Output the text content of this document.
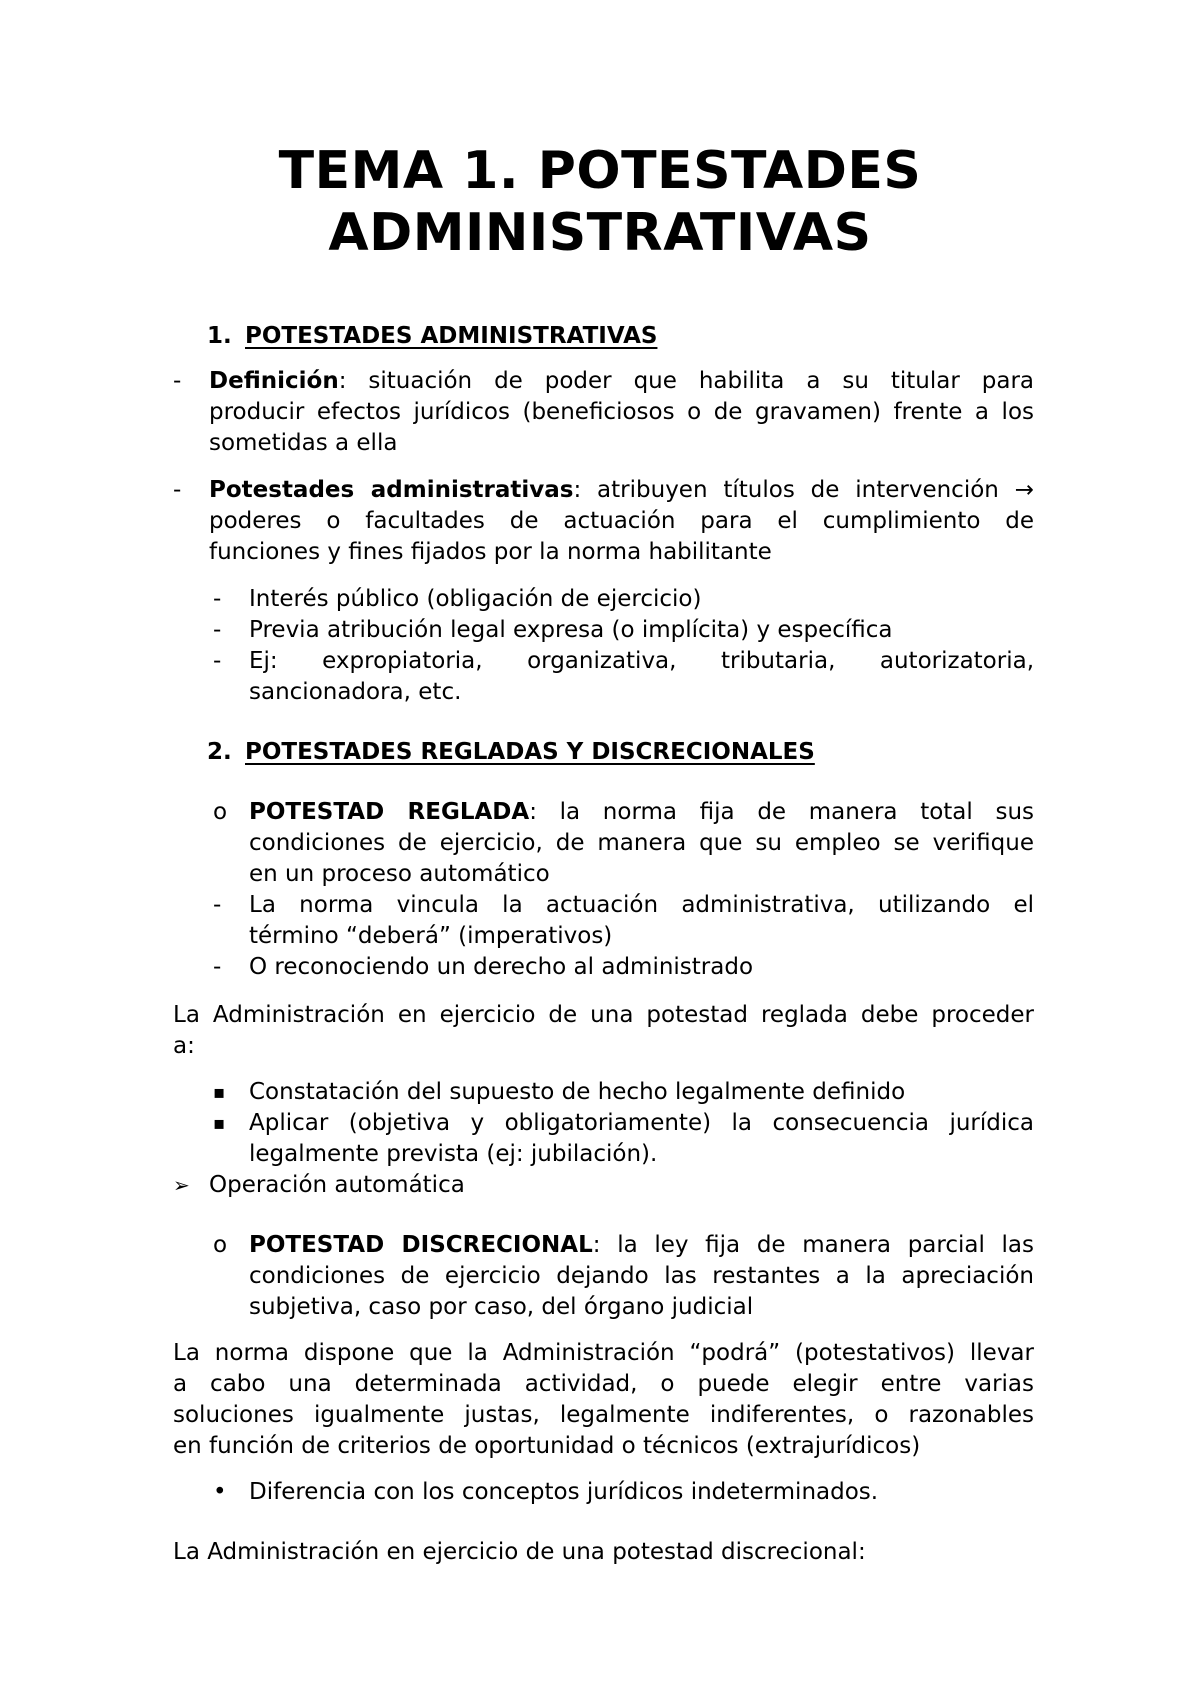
TEMA 1. POTESTADES
ADMINISTRATIVAS
1. POTESTADES ADMINISTRATIVAS
- Definición: situación de poder que habilita a su titular para
producir efectos jurídicos (beneficiosos o de gravamen) frente a los
sometidas a ella
- Potestades administrativas: atribuyen títulos de intervención →
poderes o facultades de actuación para el cumplimiento de
funciones y fines fijados por la norma habilitante
- Interés público (obligación de ejercicio)
- Previa atribución legal expresa (o implícita) y específica
- Ej: expropiatoria, organizativa, tributaria, autorizatoria,
sancionadora, etc.
2. POTESTADES REGLADAS Y DISCRECIONALES
o POTESTAD REGLADA: la norma fija de manera total sus
condiciones de ejercicio, de manera que su empleo se verifique
en un proceso automático
- La norma vincula la actuación administrativa, utilizando el
término “deberá” (imperativos)
- O reconociendo un derecho al administrado
La Administración en ejercicio de una potestad reglada debe proceder
a:
▪ Constatación del supuesto de hecho legalmente definido
▪ Aplicar (objetiva y obligatoriamente) la consecuencia jurídica
legalmente prevista (ej: jubilación).
➢ Operación automática
o POTESTAD DISCRECIONAL: la ley fija de manera parcial las
condiciones de ejercicio dejando las restantes a la apreciación
subjetiva, caso por caso, del órgano judicial
La norma dispone que la Administración “podrá” (potestativos) llevar
a cabo una determinada actividad, o puede elegir entre varias
soluciones igualmente justas, legalmente indiferentes, o razonables
en función de criterios de oportunidad o técnicos (extrajurídicos)
• Diferencia con los conceptos jurídicos indeterminados.
La Administración en ejercicio de una potestad discrecional:
